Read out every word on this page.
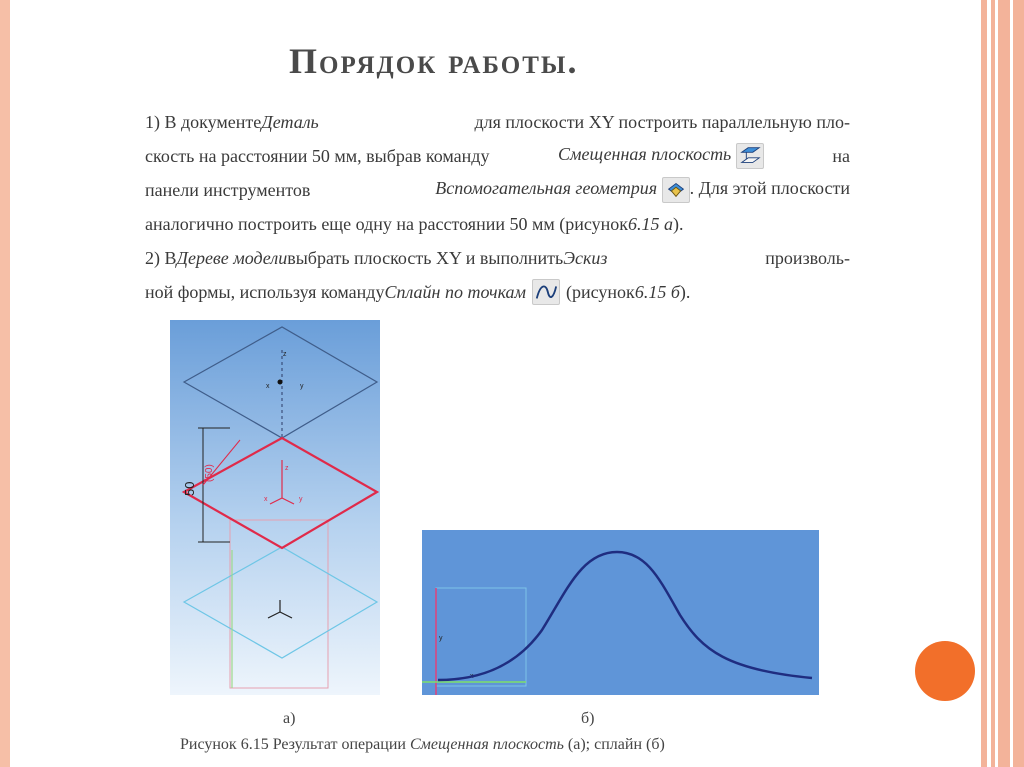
Порядок работы.
1) В документеДеталь	для плоскости XY построить параллельную пло-
скость на расстоянии 50 мм, выбрав команду	Смещенная плоскость	на
панели инструментов	Вспомогательная геометрия . Для этой плоскости
аналогично построить еще одну на расстоянии 50 мм (рисунок 6.15 а ).
2) ВДереве моделивыбрать плоскость XY и выполнитьЭскиз	произволь-
ной формы, используя команду Сплайн по точкам (рисунок6.15 б).
z
x	y
z
x	y
50
(50)
y
x
а)	б)
Рисунок 6.15 Результат операции Смещенная плоскость (а); сплайн (б)
